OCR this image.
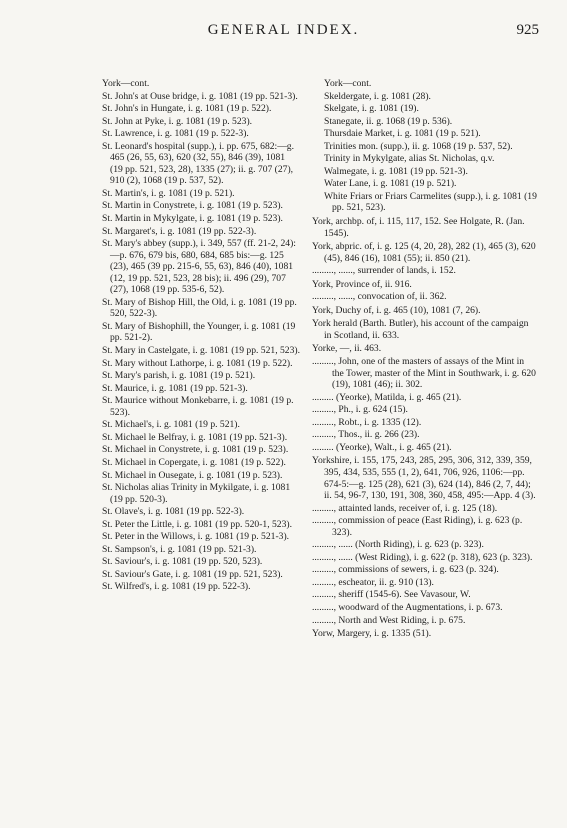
GENERAL INDEX.	925
York—cont.
St. John's at Ouse bridge, i. g. 1081 (19 pp. 521-3).
St. John's in Hungate, i. g. 1081 (19 p. 522).
St. John at Pyke, i. g. 1081 (19 p. 523).
St. Lawrence, i. g. 1081 (19 p. 522-3).
St. Leonard's hospital (supp.), i. pp. 675, 682:—g. 465 (26, 55, 63), 620 (32, 55), 846 (39), 1081 (19 pp. 521, 523, 28), 1335 (27); ii. g. 707 (27), 910 (2), 1068 (19 p. 537, 52).
St. Martin's, i. g. 1081 (19 p. 521).
St. Martin in Conystrete, i. g. 1081 (19 p. 523).
St. Martin in Mykylgate, i. g. 1081 (19 p. 523).
St. Margaret's, i. g. 1081 (19 pp. 522-3).
St. Mary's abbey (supp.), i. 349, 557 (ff. 21-2, 24):—p. 676, 679 bis, 680, 684, 685 bis:—g. 125 (23), 465 (39 pp. 215-6, 55, 63), 846 (40), 1081 (12, 19 pp. 521, 523, 28 bis); ii. 496 (29), 707 (27), 1068 (19 pp. 535-6, 52).
St. Mary of Bishop Hill, the Old, i. g. 1081 (19 pp. 520, 522-3).
St. Mary of Bishophill, the Younger, i. g. 1081 (19 pp. 521-2).
St. Mary in Castelgate, i. g. 1081 (19 pp. 521, 523).
St. Mary without Lathorpe, i. g. 1081 (19 p. 522).
St. Mary's parish, i. g. 1081 (19 p. 521).
St. Maurice, i. g. 1081 (19 pp. 521-3).
St. Maurice without Monkebarre, i. g. 1081 (19 p. 523).
St. Michael's, i. g. 1081 (19 p. 521).
St. Michael le Belfray, i. g. 1081 (19 pp. 521-3).
St. Michael in Conystrete, i. g. 1081 (19 p. 523).
St. Michael in Copergate, i. g. 1081 (19 p. 522).
St. Michael in Ousegate, i. g. 1081 (19 p. 523).
St. Nicholas alias Trinity in Mykilgate, i. g. 1081 (19 pp. 520-3).
St. Olave's, i. g. 1081 (19 pp. 522-3).
St. Peter the Little, i. g. 1081 (19 pp. 520-1, 523).
St. Peter in the Willows, i. g. 1081 (19 p. 521-3).
St. Sampson's, i. g. 1081 (19 pp. 521-3).
St. Saviour's, i. g. 1081 (19 pp. 520, 523).
St. Saviour's Gate, i. g. 1081 (19 pp. 521, 523).
St. Wilfred's, i. g. 1081 (19 pp. 522-3).
York—cont.
Skeldergate, i. g. 1081 (28).
Skelgate, i. g. 1081 (19).
Stanegate, ii. g. 1068 (19 p. 536).
Thursdaie Market, i. g. 1081 (19 p. 521).
Trinities mon. (supp.), ii. g. 1068 (19 p. 537, 52).
Trinity in Mykylgate, alias St. Nicholas, q.v.
Walmegate, i. g. 1081 (19 pp. 521-3).
Water Lane, i. g. 1081 (19 p. 521).
White Friars or Friars Carmelites (supp.), i. g. 1081 (19 pp. 521, 523).
York, archbp. of, i. 115, 117, 152. See Holgate, R. (Jan. 1545).
York, abpric. of, i. g. 125 (4, 20, 28), 282 (1), 465 (3), 620 (45), 846 (16), 1081 (55); ii. 850 (21).
........., ......, surrender of lands, i. 152.
York, Province of, ii. 916.
........., ......, convocation of, ii. 362.
York, Duchy of, i. g. 465 (10), 1081 (7, 26).
York herald (Barth. Butler), his account of the campaign in Scotland, ii. 633.
Yorke, —, ii. 463.
........., John, one of the masters of assays of the Mint in the Tower, master of the Mint in Southwark, i. g. 620 (19), 1081 (46); ii. 302.
......... (Yeorke), Matilda, i. g. 465 (21).
........., Ph., i. g. 624 (15).
........., Robt., i. g. 1335 (12).
........., Thos., ii. g. 266 (23).
......... (Yeorke), Walt., i. g. 465 (21).
Yorkshire, i. 155, 175, 243, 285, 295, 306, 312, 339, 359, 395, 434, 535, 555 (1, 2), 641, 706, 926, 1106:—pp. 674-5:—g. 125 (28), 621 (3), 624 (14), 846 (2, 7, 44); ii. 54, 96-7, 130, 191, 308, 360, 458, 495:—App. 4 (3).
........., attainted lands, receiver of, i. g. 125 (18).
........., commission of peace (East Riding), i. g. 623 (p. 323).
........., ...... (North Riding), i. g. 623 (p. 323).
........., ...... (West Riding), i. g. 622 (p. 318), 623 (p. 323).
........., commissions of sewers, i. g. 623 (p. 324).
........., escheator, ii. g. 910 (13).
........., sheriff (1545-6). See Vavasour, W.
........., woodward of the Augmentations, i. p. 673.
........., North and West Riding, i. p. 675.
Yorw, Margery, i. g. 1335 (51).
